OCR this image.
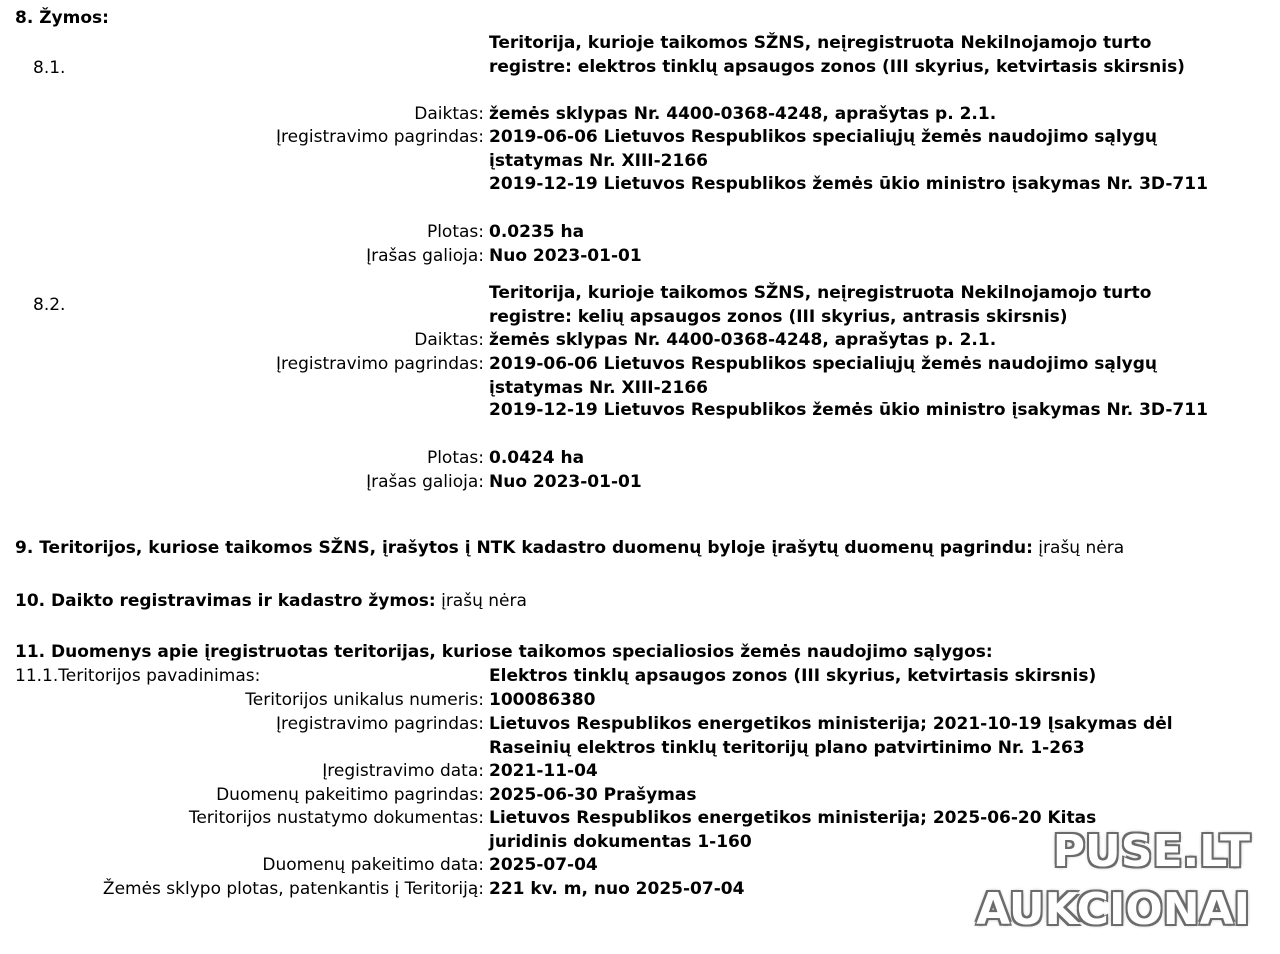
8. Žymos:
8.1.
Teritorija, kurioje taikomos SŽNS, neįregistruota Nekilnojamojo turto registre: elektros tinklų apsaugos zonos (III skyrius, ketvirtasis skirsnis)
Daiktas: žemės sklypas Nr. 4400-0368-4248, aprašytas p. 2.1.
Įregistravimo pagrindas: 2019-06-06 Lietuvos Respublikos specialiųjų žemės naudojimo sąlygų įstatymas Nr. XIII-2166
2019-12-19 Lietuvos Respublikos žemės ūkio ministro įsakymas Nr. 3D-711
Plotas: 0.0235 ha
Įrašas galioja: Nuo 2023-01-01
8.2.
Teritorija, kurioje taikomos SŽNS, neįregistruota Nekilnojamojo turto registre: kelių apsaugos zonos (III skyrius, antrasis skirsnis)
Daiktas: žemės sklypas Nr. 4400-0368-4248, aprašytas p. 2.1.
Įregistravimo pagrindas: 2019-06-06 Lietuvos Respublikos specialiųjų žemės naudojimo sąlygų įstatymas Nr. XIII-2166
2019-12-19 Lietuvos Respublikos žemės ūkio ministro įsakymas Nr. 3D-711
Plotas: 0.0424 ha
Įrašas galioja: Nuo 2023-01-01
9. Teritorijos, kuriose taikomos SŽNS, įrašytos į NTK kadastro duomenų byloje įrašytų duomenų pagrindu: įrašų nėra
10. Daikto registravimas ir kadastro žymos: įrašų nėra
11. Duomenys apie įregistruotas teritorijas, kuriose taikomos specialiosios žemės naudojimo sąlygos:
11.1.Teritorijos pavadinimas:	Elektros tinklų apsaugos zonos (III skyrius, ketvirtasis skirsnis)
Teritorijos unikalus numeris: 100086380
Įregistravimo pagrindas: Lietuvos Respublikos energetikos ministerija; 2021-10-19 Įsakymas dėl Raseinių elektros tinklų teritorijų plano patvirtinimo Nr. 1-263
Įregistravimo data: 2021-11-04
Duomenų pakeitimo pagrindas: 2025-06-30 Prašymas
Teritorijos nustatymo dokumentas: Lietuvos Respublikos energetikos ministerija; 2025-06-20 Kitas juridinis dokumentas 1-160
Duomenų pakeitimo data: 2025-07-04
Žemės sklypo plotas, patenkantis į Teritoriją: 221 kv. m, nuo 2025-07-04
PUSE.LT
AUKCIONAI
